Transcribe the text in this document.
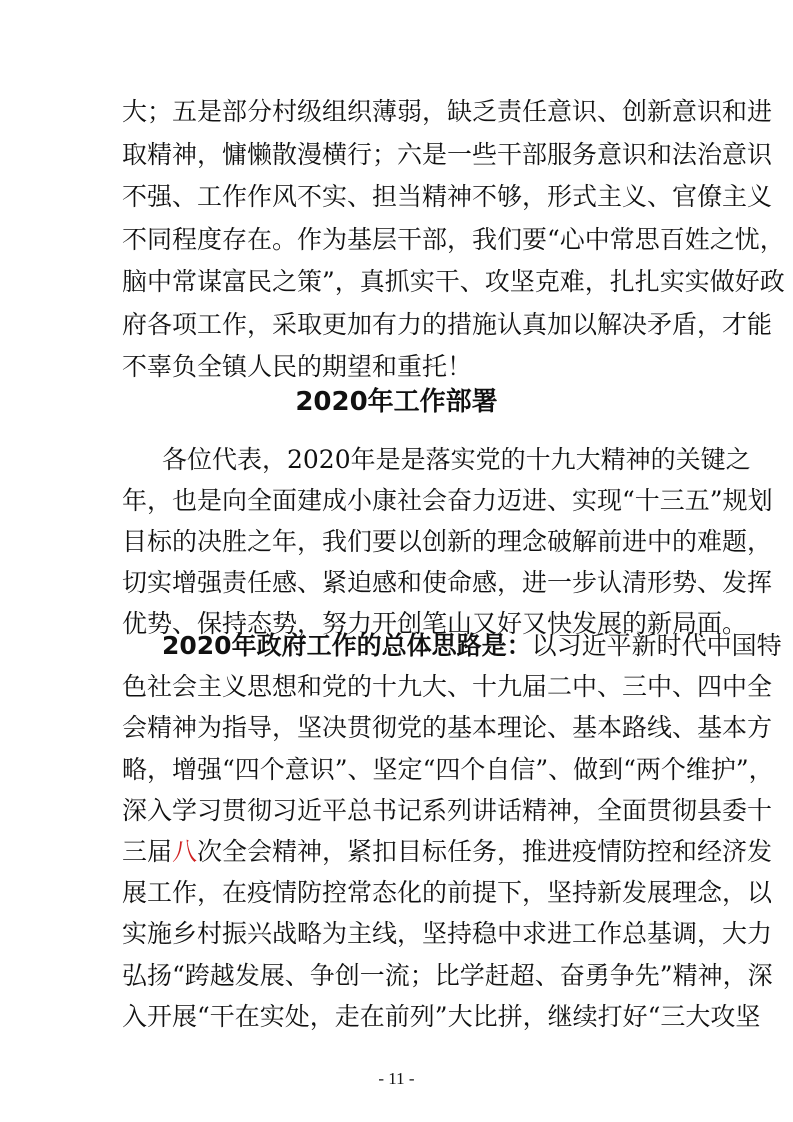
大；五是部分村级组织薄弱，缺乏责任意识、创新意识和进
取精神，慵懒散漫横行；六是一些干部服务意识和法治意识
不强、工作作风不实、担当精神不够，形式主义、官僚主义
不同程度存在。作为基层干部，我们要“心中常思百姓之忧，
脑中常谋富民之策”，真抓实干、攻坚克难，扎扎实实做好政
府各项工作，采取更加有力的措施认真加以解决矛盾，才能
不辜负全镇人民的期望和重托！
2020年工作部署
各位代表，2020年是是落实党的十九大精神的关键之
年，也是向全面建成小康社会奋力迈进、实现“十三五”规划
目标的决胜之年，我们要以创新的理念破解前进中的难题，
切实增强责任感、紧迫感和使命感，进一步认清形势、发挥
优势、保持态势，努力开创笔山又好又快发展的新局面。
2020年政府工作的总体思路是：以习近平新时代中国特
色社会主义思想和党的十九大、十九届二中、三中、四中全
会精神为指导，坚决贯彻党的基本理论、基本路线、基本方
略，增强“四个意识”、坚定“四个自信”、做到“两个维护”，
深入学习贯彻习近平总书记系列讲话精神，全面贯彻县委十
三届八次全会精神，紧扣目标任务，推进疫情防控和经济发
展工作，在疫情防控常态化的前提下，坚持新发展理念，以
实施乡村振兴战略为主线，坚持稳中求进工作总基调，大力
弘扬“跨越发展、争创一流；比学赶超、奋勇争先”精神，深
入开展“干在实处，走在前列”大比拼，继续打好“三大攻坚
- 11 -
